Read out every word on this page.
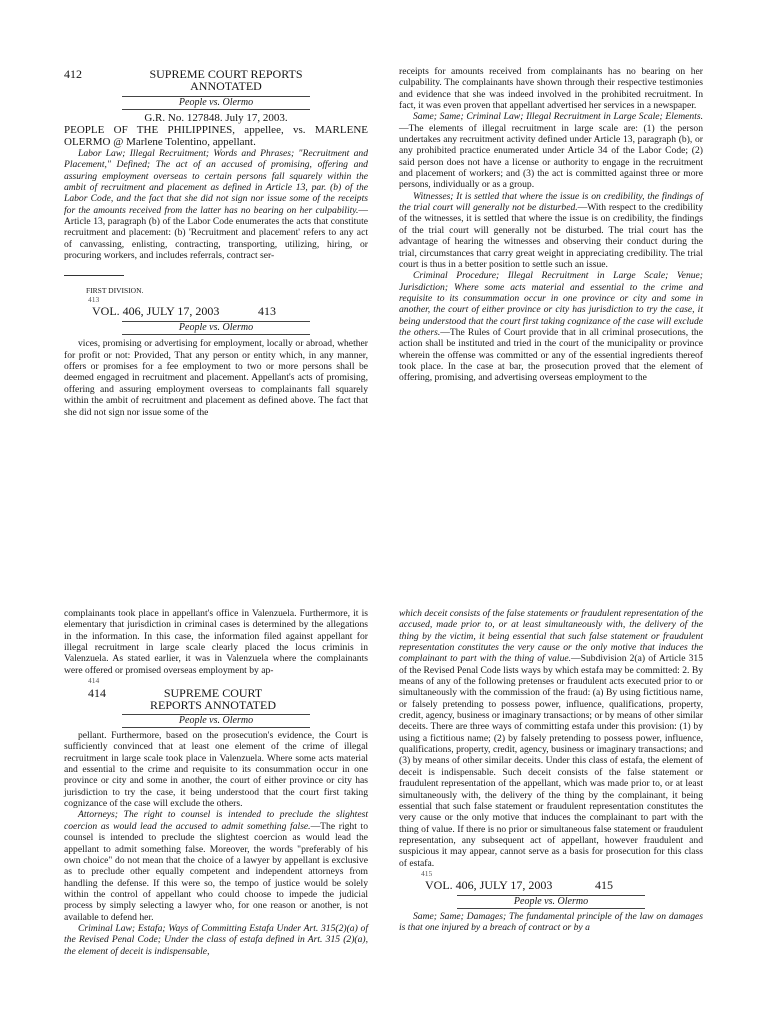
412	SUPREME COURT REPORTS
ANNOTATED
People vs. Olermo
G.R. No. 127848. July 17, 2003.
PEOPLE OF THE PHILIPPINES, appellee, vs. MARLENE OLERMO @ Marlene Tolentino, appellant.

Labor Law; Illegal Recruitment; Words and Phrases; "Recruitment and Placement," Defined; The act of an accused of promising, offering and assuring employment overseas to certain persons fall squarely within the ambit of recruitment and placement as defined in Article 13, par. (b) of the Labor Code, and the fact that she did not sign nor issue some of the receipts for the amounts received from the latter has no bearing on her culpability.—Article 13, paragraph (b) of the Labor Code enumerates the acts that constitute recruitment and placement: (b) 'Recruitment and placement' refers to any act of canvassing, enlisting, contracting, transporting, utilizing, hiring, or procuring workers, and includes referrals, contract ser-

FIRST DIVISION.
413
VOL. 406, JULY 17, 2003	413
People vs. Olermo

vices, promising or advertising for employment, locally or abroad, whether for profit or not: Provided, That any person or entity which, in any manner, offers or promises for a fee employment to two or more persons shall be deemed engaged in recruitment and placement. Appellant's acts of promising, offering and assuring employment overseas to complainants fall squarely within the ambit of recruitment and placement as defined above. The fact that she did not sign nor issue some of the

receipts for amounts received from complainants has no bearing on her culpability. The complainants have shown through their respective testimonies and evidence that she was indeed involved in the prohibited recruitment. In fact, it was even proven that appellant advertised her services in a newspaper.

Same; Same; Criminal Law; Illegal Recruitment in Large Scale; Elements.—The elements of illegal recruitment in large scale are: (1) the person undertakes any recruitment activity defined under Article 13, paragraph (b), or any prohibited practice enumerated under Article 34 of the Labor Code; (2) said person does not have a license or authority to engage in the recruitment and placement of workers; and (3) the act is committed against three or more persons, individually or as a group.

Witnesses; It is settled that where the issue is on credibility, the findings of the trial court will generally not be disturbed.—With respect to the credibility of the witnesses, it is settled that where the issue is on credibility, the findings of the trial court will generally not be disturbed. The trial court has the advantage of hearing the witnesses and observing their conduct during the trial, circumstances that carry great weight in appreciating credibility. The trial court is thus in a better position to settle such an issue.

Criminal Procedure; Illegal Recruitment in Large Scale; Venue; Jurisdiction; Where some acts material and essential to the crime and requisite to its consummation occur in one province or city and some in another, the court of either province or city has jurisdiction to try the case, it being understood that the court first taking cognizance of the case will exclude the others.—The Rules of Court provide that in all criminal prosecutions, the action shall be instituted and tried in the court of the municipality or province wherein the offense was committed or any of the essential ingredients thereof took place. In the case at bar, the prosecution proved that the element of offering, promising, and advertising overseas employment to the

complainants took place in appellant's office in Valenzuela. Furthermore, it is elementary that jurisdiction in criminal cases is determined by the allegations in the information. In this case, the information filed against appellant for illegal recruitment in large scale clearly placed the locus criminis in Valenzuela. As stated earlier, it was in Valenzuela where the complainants were offered or promised overseas employment by ap-

414
414	SUPREME COURT
REPORTS ANNOTATED
People vs. Olermo

pellant. Furthermore, based on the prosecution's evidence, the Court is sufficiently convinced that at least one element of the crime of illegal recruitment in large scale took place in Valenzuela. Where some acts material and essential to the crime and requisite to its consummation occur in one province or city and some in another, the court of either province or city has jurisdiction to try the case, it being understood that the court first taking cognizance of the case will exclude the others.

Attorneys; The right to counsel is intended to preclude the slightest coercion as would lead the accused to admit something false.—The right to counsel is intended to preclude the slightest coercion as would lead the appellant to admit something false. Moreover, the words "preferably of his own choice" do not mean that the choice of a lawyer by appellant is exclusive as to preclude other equally competent and independent attorneys from handling the defense. If this were so, the tempo of justice would be solely within the control of appellant who could choose to impede the judicial process by simply selecting a lawyer who, for one reason or another, is not available to defend her.

Criminal Law; Estafa; Ways of Committing Estafa Under Art. 315(2)(a) of the Revised Penal Code; Under the class of estafa defined in Art. 315 (2)(a), the element of deceit is indispensable,

which deceit consists of the false statements or fraudulent representation of the accused, made prior to, or at least simultaneously with, the delivery of the thing by the victim, it being essential that such false statement or fraudulent representation constitutes the very cause or the only motive that induces the complainant to part with the thing of value.—Subdivision 2(a) of Article 315 of the Revised Penal Code lists ways by which estafa may be committed: 2. By means of any of the following pretenses or fraudulent acts executed prior to or simultaneously with the commission of the fraud: (a) By using fictitious name, or falsely pretending to possess power, influence, qualifications, property, credit, agency, business or imaginary transactions; or by means of other similar deceits. There are three ways of committing estafa under this provision: (1) by using a fictitious name; (2) by falsely pretending to possess power, influence, qualifications, property, credit, agency, business or imaginary transactions; and (3) by means of other similar deceits. Under this class of estafa, the element of deceit is indispensable. Such deceit consists of the false statement or fraudulent representation of the appellant, which was made prior to, or at least simultaneously with, the delivery of the thing by the complainant, it being essential that such false statement or fraudulent representation constitutes the very cause or the only motive that induces the complainant to part with the thing of value. If there is no prior or simultaneous false statement or fraudulent representation, any subsequent act of appellant, however fraudulent and suspicious it may appear, cannot serve as a basis for prosecution for this class of estafa.

415
VOL. 406, JULY 17, 2003	415
People vs. Olermo

Same; Same; Damages; The fundamental principle of the law on damages is that one injured by a breach of contract or by a
